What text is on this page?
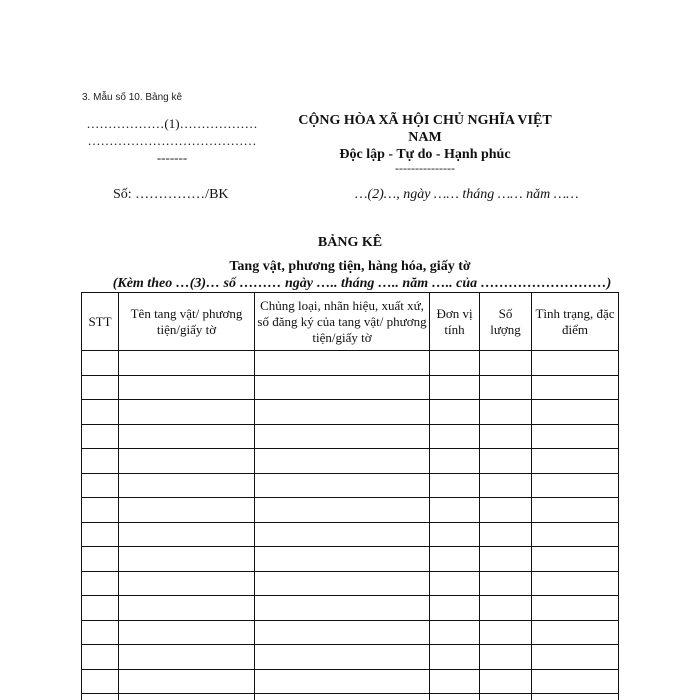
3. Mẫu số 10. Bảng kê
………………(1)………………
…………………………………
-------
CỘNG HÒA XÃ HỘI CHỦ NGHĨA VIỆT
NAM
Độc lập - Tự do - Hạnh phúc
---------------
Số: ……………/BK	…(2)…, ngày …… tháng …… năm ……
BẢNG KÊ
Tang vật, phương tiện, hàng hóa, giấy tờ
(Kèm theo …(3)… số ……… ngày ….. tháng ….. năm ….. của ………………………)
STT	Tên tang vật/ phương tiện/giấy tờ	Chủng loại, nhãn hiệu, xuất xứ, số đăng ký của tang vật/ phương tiện/giấy tờ	Đơn vị tính	Số lượng	Tình trạng, đặc điểm
